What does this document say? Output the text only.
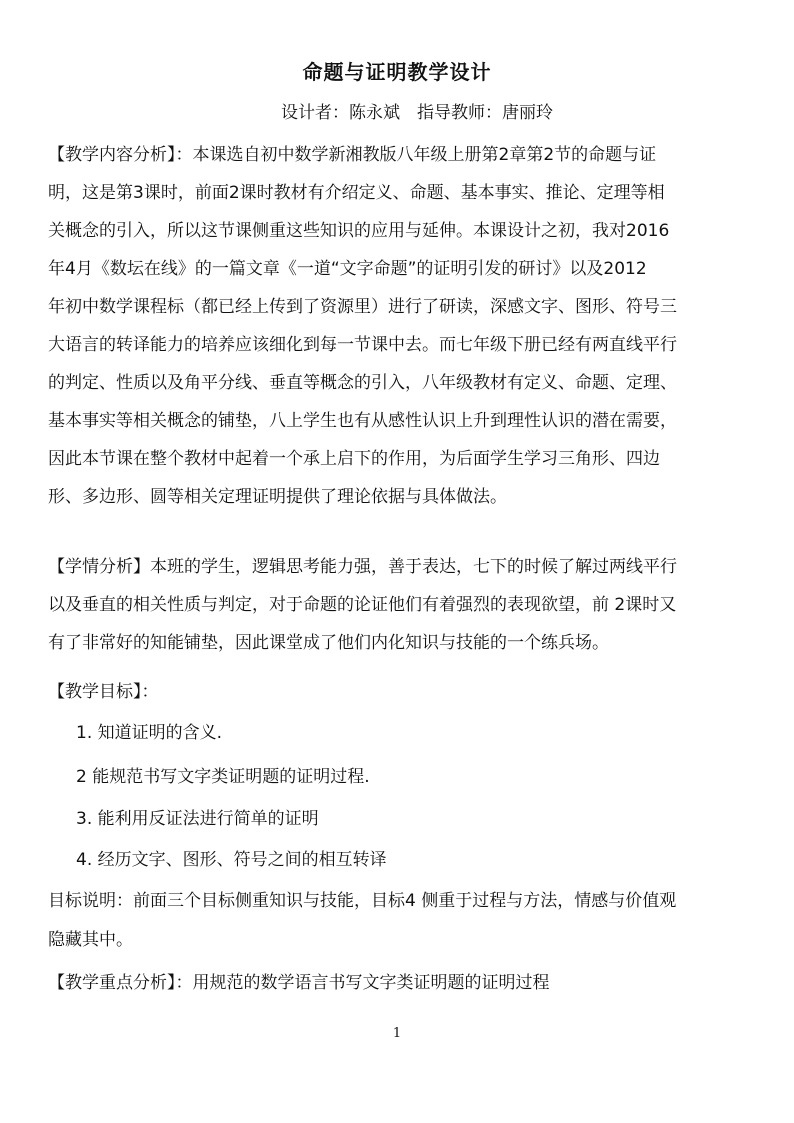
命题与证明教学设计
设计者：陈永斌　指导教师：唐丽玲
【教学内容分析】：本课选自初中数学新湘教版八年级上册第2章第2节的命题与证
明，这是第3课时，前面2课时教材有介绍定义、命题、基本事实、推论、定理等相
关概念的引入，所以这节课侧重这些知识的应用与延伸。本课设计之初，我对2016
年4月《数坛在线》的一篇文章《一道“文字命题”的证明引发的研讨》以及2012
年初中数学课程标（都已经上传到了资源里）进行了研读，深感文字、图形、符号三
大语言的转译能力的培养应该细化到每一节课中去。而七年级下册已经有两直线平行
的判定、性质以及角平分线、垂直等概念的引入，八年级教材有定义、命题、定理、
基本事实等相关概念的铺垫，八上学生也有从感性认识上升到理性认识的潜在需要，
因此本节课在整个教材中起着一个承上启下的作用，为后面学生学习三角形、四边
形、多边形、圆等相关定理证明提供了理论依据与具体做法。
【学情分析】本班的学生，逻辑思考能力强，善于表达，七下的时候了解过两线平行
以及垂直的相关性质与判定，对于命题的论证他们有着强烈的表现欲望，前 2课时又
有了非常好的知能铺垫，因此课堂成了他们内化知识与技能的一个练兵场。
【教学目标】：
1. 知道证明的含义.
2 能规范书写文字类证明题的证明过程.
3. 能利用反证法进行简单的证明
4. 经历文字、图形、符号之间的相互转译
目标说明：前面三个目标侧重知识与技能，目标4 侧重于过程与方法，情感与价值观
隐藏其中。
【教学重点分析】：用规范的数学语言书写文字类证明题的证明过程
1
